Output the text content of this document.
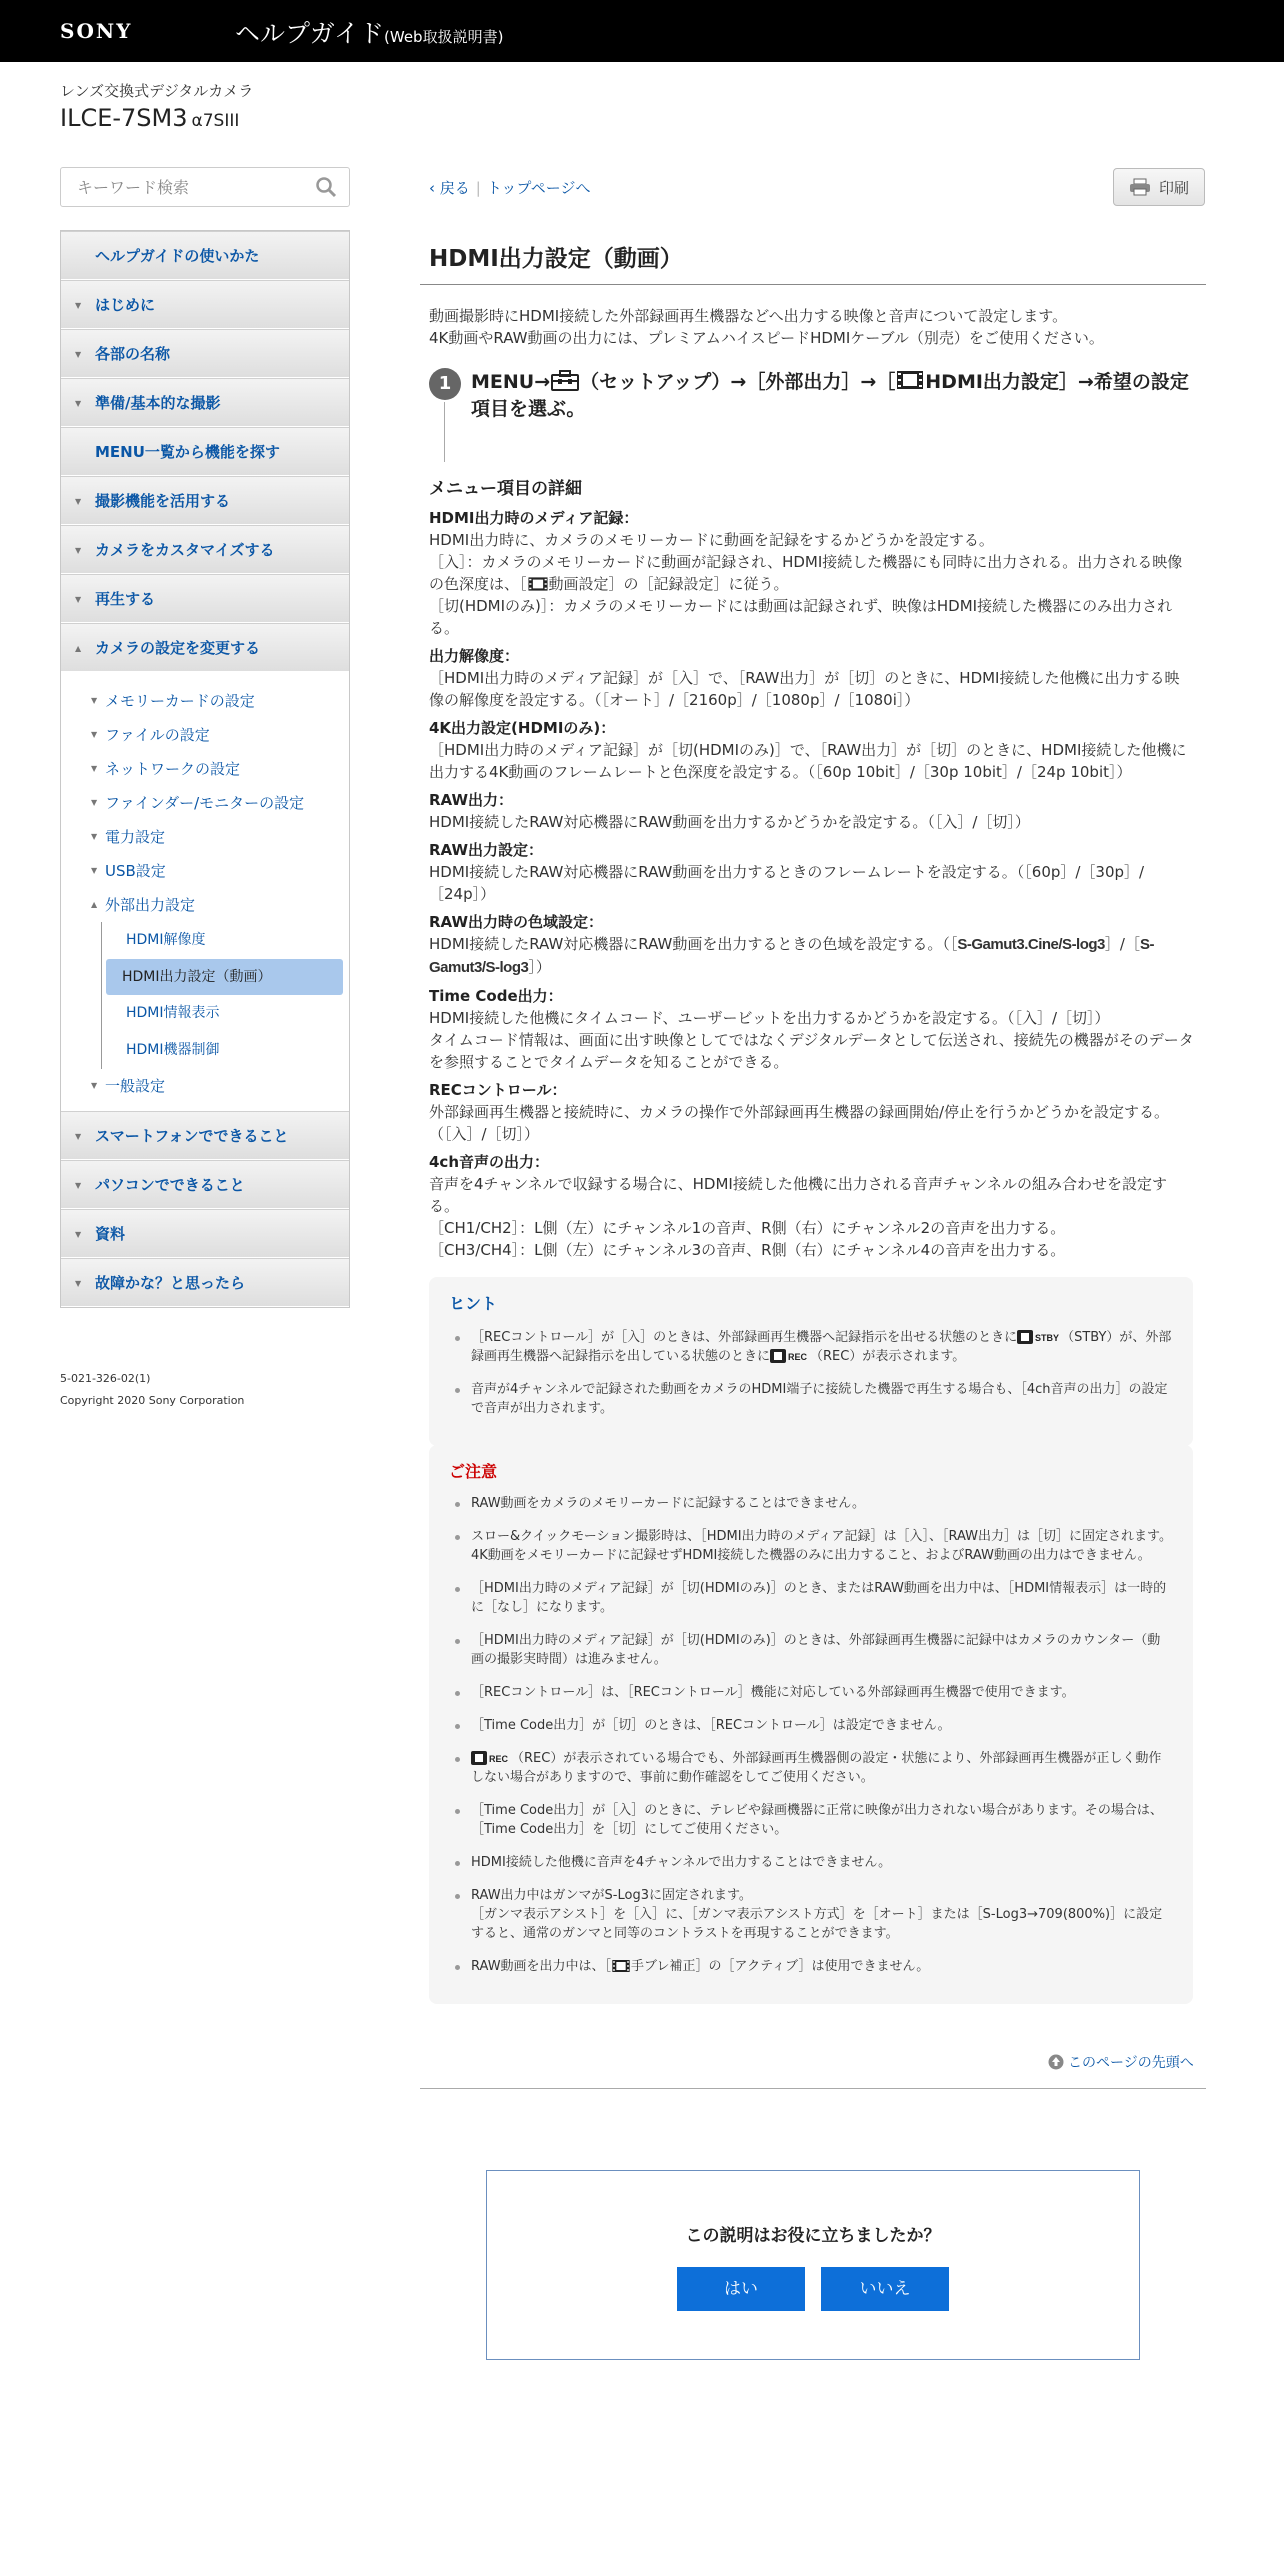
SONY	ヘルプガイド(Web取扱説明書)
レンズ交換式デジタルカメラ
ILCE-7SM3 α7SIII
キーワード検索
ヘルプガイドの使いかた
▼ はじめに
▼ 各部の名称
▼ 準備/基本的な撮影
MENU一覧から機能を探す
▼ 撮影機能を活用する
▼ カメラをカスタマイズする
▼ 再生する
▲ カメラの設定を変更する
▼ メモリーカードの設定
▼ ファイルの設定
▼ ネットワークの設定
▼ ファインダー/モニターの設定
▼ 電力設定
▼ USB設定
▲ 外部出力設定
HDMI解像度
HDMI出力設定（動画）
HDMI情報表示
HDMI機器制御
▼ 一般設定
▼ スマートフォンでできること
▼ パソコンでできること
▼ 資料
▼ 故障かな？と思ったら
5-021-326-02(1)
Copyright 2020 Sony Corporation
‹ 戻る | トップページへ	印刷
HDMI出力設定（動画）
動画撮影時にHDMI接続した外部録画再生機器などへ出力する映像と音声について設定します。
4K動画やRAW動画の出力には、プレミアムハイスピードHDMIケーブル（別売）をご使用ください。
1	MENU→ （セットアップ）→［外部出力］→［ HDMI出力設定］→希望の設定項目を選ぶ。
メニュー項目の詳細
HDMI出力時のメディア記録：
HDMI出力時に、カメラのメモリーカードに動画を記録をするかどうかを設定する。
［入］：カメラのメモリーカードに動画が記録され、HDMI接続した機器にも同時に出力される。出力される映像の色深度は、［ 動画設定］の［記録設定］に従う。
［切(HDMIのみ)］：カメラのメモリーカードには動画は記録されず、映像はHDMI接続した機器にのみ出力される。
出力解像度：
［HDMI出力時のメディア記録］が［入］で、［RAW出力］が［切］のときに、HDMI接続した他機に出力する映像の解像度を設定する。（［オート］/［2160p］/［1080p］/［1080i］）
4K出力設定(HDMIのみ)：
［HDMI出力時のメディア記録］が［切(HDMIのみ)］で、［RAW出力］が［切］のときに、HDMI接続した他機に出力する4K動画のフレームレートと色深度を設定する。（［60p 10bit］/［30p 10bit］/［24p 10bit］）
RAW出力：
HDMI接続したRAW対応機器にRAW動画を出力するかどうかを設定する。（［入］/［切］）
RAW出力設定：
HDMI接続したRAW対応機器にRAW動画を出力するときのフレームレートを設定する。（［60p］/［30p］/［24p］）
RAW出力時の色域設定：
HDMI接続したRAW対応機器にRAW動画を出力するときの色域を設定する。（［S-Gamut3.Cine/S-log3］/［S-Gamut3/S-log3］）
Time Code出力：
HDMI接続した他機にタイムコード、ユーザービットを出力するかどうかを設定する。（［入］/［切］）
タイムコード情報は、画面に出す映像としてではなくデジタルデータとして伝送され、接続先の機器がそのデータを参照することでタイムデータを知ることができる。
RECコントロール：
外部録画再生機器と接続時に、カメラの操作で外部録画再生機器の録画開始/停止を行うかどうかを設定する。（［入］/［切］）
4ch音声の出力：
音声を4チャンネルで収録する場合に、HDMI接続した他機に出力される音声チャンネルの組み合わせを設定する。
［CH1/CH2］：L側（左）にチャンネル1の音声、R側（右）にチャンネル2の音声を出力する。
［CH3/CH4］：L側（左）にチャンネル3の音声、R側（右）にチャンネル4の音声を出力する。
ヒント
［RECコントロール］が［入］のときは、外部録画再生機器へ記録指示を出せる状態のときに STBY （STBY）が、外部録画再生機器へ記録指示を出している状態のときに REC （REC）が表示されます。
音声が4チャンネルで記録された動画をカメラのHDMI端子に接続した機器で再生する場合も、［4ch音声の出力］の設定で音声が出力されます。
ご注意
RAW動画をカメラのメモリーカードに記録することはできません。
スロー&クイックモーション撮影時は、［HDMI出力時のメディア記録］は［入］、［RAW出力］は［切］に固定されます。4K動画をメモリーカードに記録せずHDMI接続した機器のみに出力すること、およびRAW動画の出力はできません。
［HDMI出力時のメディア記録］が［切(HDMIのみ)］のとき、またはRAW動画を出力中は、［HDMI情報表示］は一時的に［なし］になります。
［HDMI出力時のメディア記録］が［切(HDMIのみ)］のときは、外部録画再生機器に記録中はカメラのカウンター（動画の撮影実時間）は進みません。
［RECコントロール］は、［RECコントロール］機能に対応している外部録画再生機器で使用できます。
［Time Code出力］が［切］のときは、［RECコントロール］は設定できません。
REC （REC）が表示されている場合でも、外部録画再生機器側の設定・状態により、外部録画再生機器が正しく動作しない場合がありますので、事前に動作確認をしてご使用ください。
［Time Code出力］が［入］のときに、テレビや録画機器に正常に映像が出力されない場合があります。その場合は、［Time Code出力］を［切］にしてご使用ください。
HDMI接続した他機に音声を4チャンネルで出力することはできません。
RAW出力中はガンマがS-Log3に固定されます。
［ガンマ表示アシスト］を［入］に、［ガンマ表示アシスト方式］を［オート］または［S-Log3→709(800%)］に設定すると、通常のガンマと同等のコントラストを再現することができます。
RAW動画を出力中は、［ 手ブレ補正］の［アクティブ］は使用できません。
このページの先頭へ
この説明はお役に立ちましたか？
はい	いいえ
